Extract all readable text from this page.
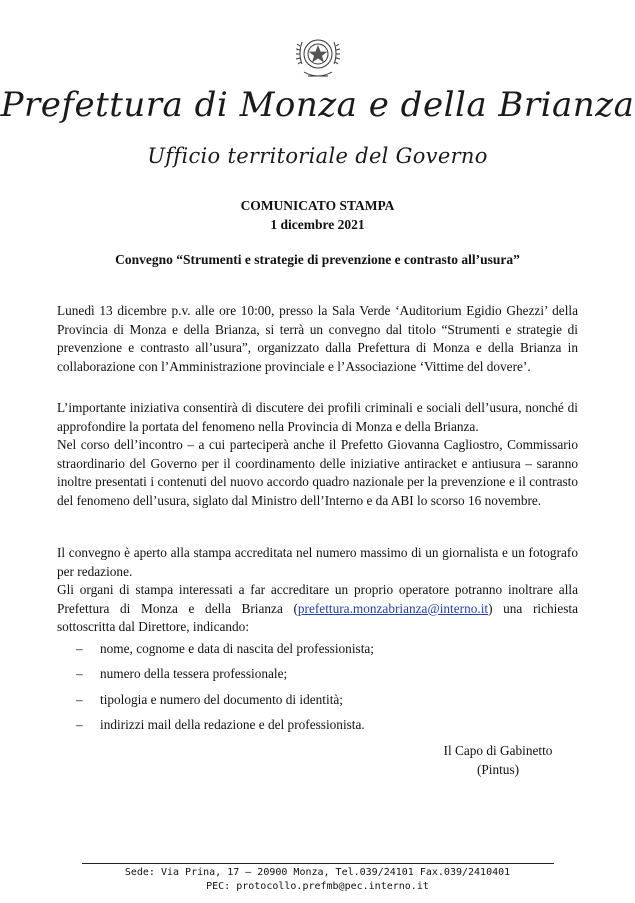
Prefettura di Monza e della Brianza
Ufficio territoriale del Governo
COMUNICATO STAMPA
1 dicembre 2021
Convegno “Strumenti e strategie di prevenzione e contrasto all’usura”

Lunedì 13 dicembre p.v. alle ore 10:00, presso la Sala Verde ‘Auditorium Egidio Ghezzi’ della Provincia di Monza e della Brianza, si terrà un convegno dal titolo “Strumenti e strategie di prevenzione e contrasto all’usura”, organizzato dalla Prefettura di Monza e della Brianza in collaborazione con l’Amministrazione provinciale e l’Associazione ‘Vittime del dovere’.

L’importante iniziativa consentirà di discutere dei profili criminali e sociali dell’usura, nonché di approfondire la portata del fenomeno nella Provincia di Monza e della Brianza.

Nel corso dell’incontro – a cui parteciperà anche il Prefetto Giovanna Cagliostro, Commissario straordinario del Governo per il coordinamento delle iniziative antiracket e antiusura – saranno inoltre presentati i contenuti del nuovo accordo quadro nazionale per la prevenzione e il contrasto del fenomeno dell’usura, siglato dal Ministro dell’Interno e da ABI lo scorso 16 novembre.

Il convegno è aperto alla stampa accreditata nel numero massimo di un giornalista e un fotografo per redazione.

Gli organi di stampa interessati a far accreditare un proprio operatore potranno inoltrare alla Prefettura di Monza e della Brianza (prefettura.monzabrianza@interno.it) una richiesta sottoscritta dal Direttore, indicando:

–	nome, cognome e data di nascita del professionista;
–	numero della tessera professionale;
–	tipologia e numero del documento di identità;
–	indirizzi mail della redazione e del professionista.
Il Capo di Gabinetto
(Pintus)
Sede: Via Prina, 17 – 20900 Monza, Tel.039/24101 Fax.039/2410401
PEC: protocollo.prefmb@pec.interno.it
